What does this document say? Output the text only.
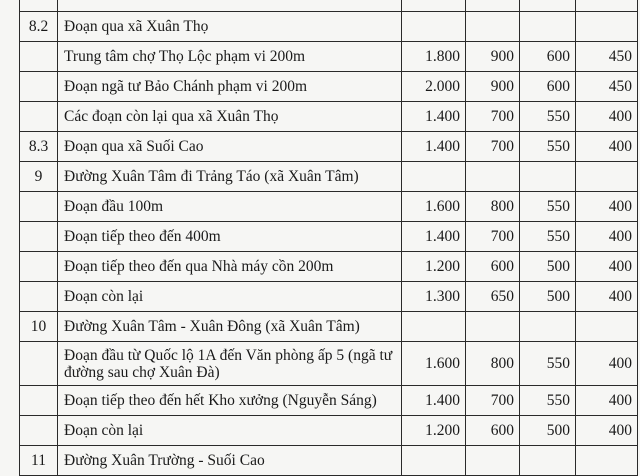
8.2	Đoạn qua xã Xuân Thọ				
	Trung tâm chợ Thọ Lộc phạm vi 200m	1.800	900	600	450
	Đoạn ngã tư Bảo Chánh phạm vi 200m	2.000	900	600	450
	Các đoạn còn lại qua xã Xuân Thọ	1.400	700	550	400
8.3	Đoạn qua xã Suối Cao	1.400	700	550	400
9	Đường Xuân Tâm đi Trảng Táo (xã Xuân Tâm)				
	Đoạn đầu 100m	1.600	800	550	400
	Đoạn tiếp theo đến 400m	1.400	700	550	400
	Đoạn tiếp theo đến qua Nhà máy cồn 200m	1.200	600	500	400
	Đoạn còn lại	1.300	650	500	400
10	Đường Xuân Tâm - Xuân Đông (xã Xuân Tâm)				
	Đoạn đầu từ Quốc lộ 1A đến Văn phòng ấp 5 (ngã tư đường sau chợ Xuân Đà)	1.600	800	550	400
	Đoạn tiếp theo đến hết Kho xưởng (Nguyễn Sáng)	1.400	700	550	400
	Đoạn còn lại	1.200	600	500	400
11	Đường Xuân Trường - Suối Cao				
